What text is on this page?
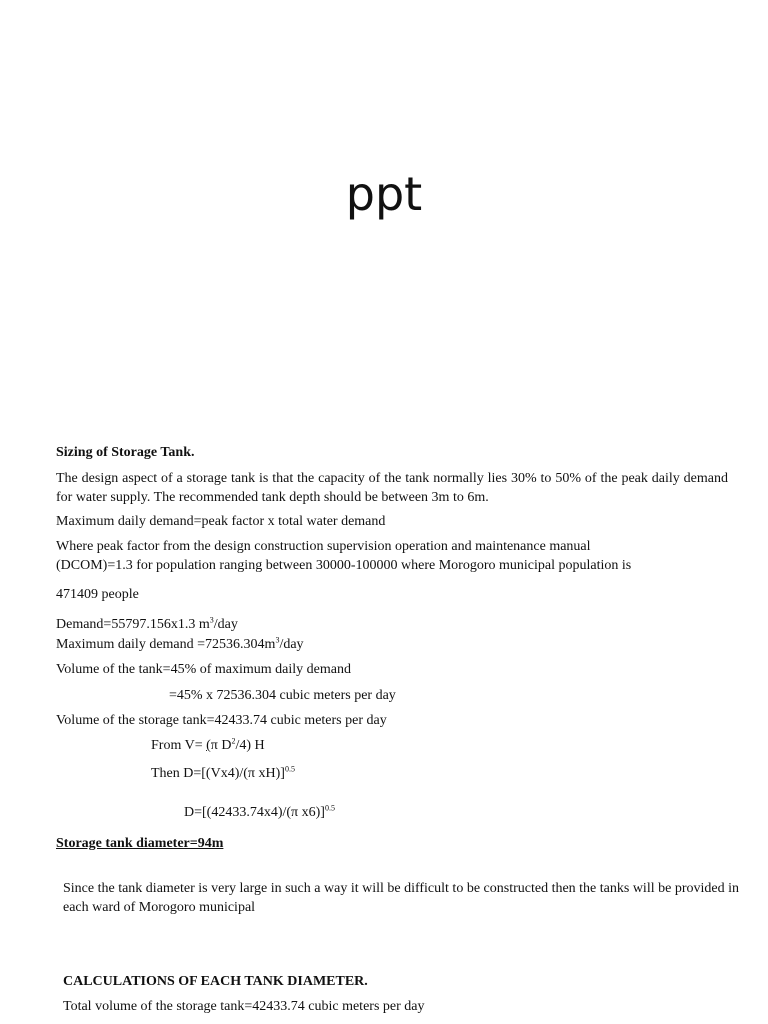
ppt
Sizing of Storage Tank.
The design aspect of a storage tank is that the capacity of the tank normally lies 30% to 50% of the peak daily demand for water supply. The recommended tank depth should be between 3m to 6m.
Maximum daily demand=peak factor x total water demand
Where peak factor from the design construction supervision operation and maintenance manual
(DCOM)=1.3 for population ranging between 30000-100000 where Morogoro municipal population is
471409 people
Demand=55797.156x1.3 $m^3$/day
Maximum daily demand $=72536.304m^3$/day
Volume of the tank=45% of maximum daily demand
=45% x 72536.304 cubic meters per day
Volume of the storage tank=42433.74 cubic meters per day
From V= (π $D^2/4$) H
Then D=[(Vx4)/(π xH)]$^{0.5}$
D=[(42433.74x4)/(π x6)]$^{0.5}$
Storage tank diameter=94m
Since the tank diameter is very large in such a way it will be difficult to be constructed then the tanks will be provided in each ward of Morogoro municipal
CALCULATIONS OF EACH TANK DIAMETER.
Total volume of the storage tank=42433.74 cubic meters per day
